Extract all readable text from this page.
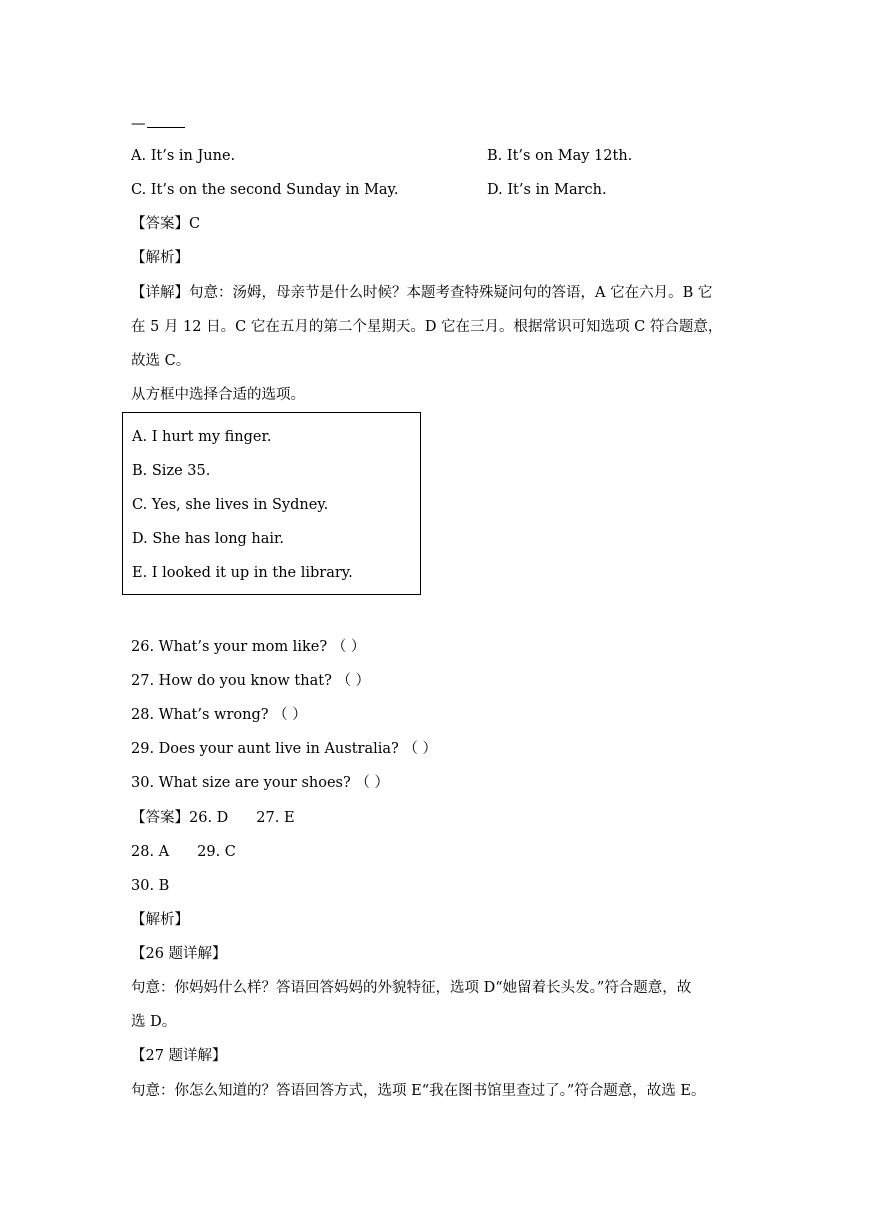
—
A. It’s in June.	B. It’s on May 12th.
C. It’s on the second Sunday in May.	D. It’s in March.
【答案】C
【解析】
【详解】句意：汤姆，母亲节是什么时候？本题考查特殊疑问句的答语，A 它在六月。B 它
在 5 月 12 日。C 它在五月的第二个星期天。D 它在三月。根据常识可知选项 C 符合题意，
故选 C。
从方框中选择合适的选项。
A. I hurt my finger.
B. Size 35.
C. Yes, she lives in Sydney.
D. She has long hair.
E. I looked it up in the library.
26. What’s your mom like? （ ）
27. How do you know that? （ ）
28. What’s wrong? （ ）
29. Does your aunt live in Australia? （ ）
30. What size are your shoes? （ ）
【答案】26. D 27. E
28. A 29. C
30. B
【解析】
【26 题详解】
句意：你妈妈什么样？答语回答妈妈的外貌特征，选项 D“她留着长头发。”符合题意，故
选 D。
【27 题详解】
句意：你怎么知道的？答语回答方式，选项 E“我在图书馆里查过了。”符合题意，故选 E。
